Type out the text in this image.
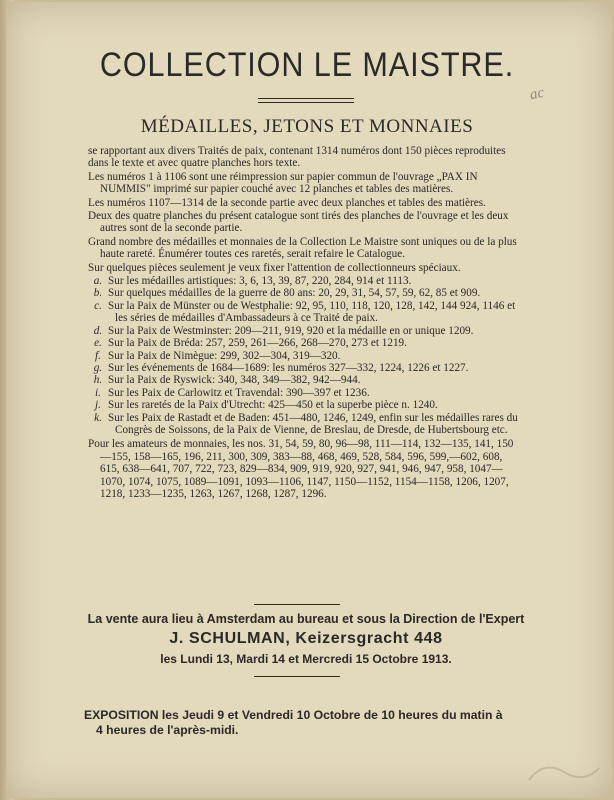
ac
COLLECTION LE MAISTRE.
MÉDAILLES, JETONS ET MONNAIES
se rapportant aux divers Traités de paix, contenant 1314 numéros dont 150 pièces reproduites dans le texte et avec quatre planches hors texte.
Les numéros 1 à 1106 sont une réimpression sur papier commun de l'ouvrage „PAX IN NUMMIS" imprimé sur papier couché avec 12 planches et tables des matières.
Les numéros 1107—1314 de la seconde partie avec deux planches et tables des matières.
Deux des quatre planches du présent catalogue sont tirés des planches de l'ouvrage et les deux autres sont de la seconde partie.
Grand nombre des médailles et monnaies de la Collection Le Maistre sont uniques ou de la plus haute rareté. Énumérer toutes ces raretés, serait refaire le Catalogue.
Sur quelques pièces seulement je veux fixer l'attention de collectionneurs spéciaux.
a. Sur les médailles artistiques: 3, 6, 13, 39, 87, 220, 284, 914 et 1113.
b. Sur quelques médailles de la guerre de 80 ans: 20, 29, 31, 54, 57, 59, 62, 85 et 909.
c. Sur la Paix de Münster ou de Westphalie: 92, 95, 110, 118, 120, 128, 142, 144 924, 1146 et les séries de médailles d'Ambassadeurs à ce Traité de paix.
d. Sur la Paix de Westminster: 209—211, 919, 920 et la médaille en or unique 1209.
e. Sur la Paix de Bréda: 257, 259, 261—266, 268—270, 273 et 1219.
f. Sur la Paix de Nimègue: 299, 302—304, 319—320.
g. Sur les événements de 1684—1689: les numéros 327—332, 1224, 1226 et 1227.
h. Sur la Paix de Ryswick: 340, 348, 349—382, 942—944.
i. Sur les Paix de Carlowitz et Travendal: 390—397 et 1236.
j. Sur les raretés de la Paix d'Utrecht: 425—450 et la superbe pièce n. 1240.
k. Sur les Paix de Rastadt et de Baden: 451—480, 1246, 1249, enfin sur les médailles rares du Congrès de Soissons, de la Paix de Vienne, de Breslau, de Dresde, de Hubertsbourg etc.
Pour les amateurs de monnaies, les nos. 31, 54, 59, 80, 96—98, 111—114, 132—135, 141, 150—155, 158—165, 196, 211, 300, 309, 383—88, 468, 469, 528, 584, 596, 599,—602, 608, 615, 638—641, 707, 722, 723, 829—834, 909, 919, 920, 927, 941, 946, 947, 958, 1047—1070, 1074, 1075, 1089—1091, 1093—1106, 1147, 1150—1152, 1154—1158, 1206, 1207, 1218, 1233—1235, 1263, 1267, 1268, 1287, 1296.
La vente aura lieu à Amsterdam au bureau et sous la Direction de l'Expert
J. SCHULMAN, Keizersgracht 448
les Lundi 13, Mardi 14 et Mercredi 15 Octobre 1913.
EXPOSITION les Jeudi 9 et Vendredi 10 Octobre de 10 heures du matin à
4 heures de l'après-midi.
